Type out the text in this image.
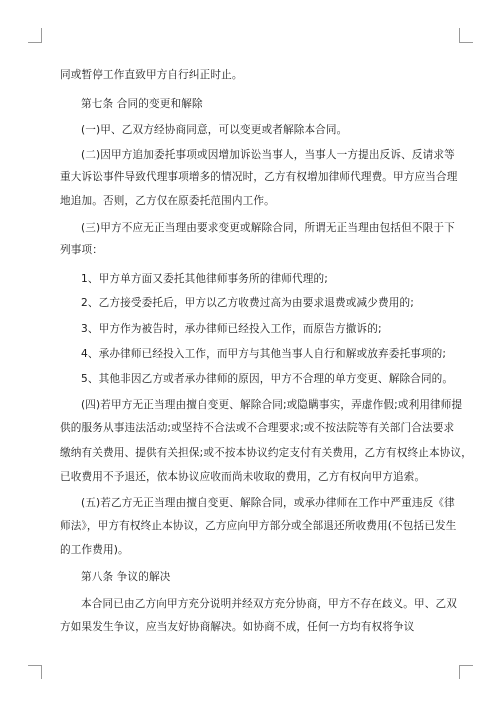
同或暂停工作直致甲方自行纠正时止。
第七条 合同的变更和解除
(一)甲、乙双方经协商同意，可以变更或者解除本合同。
(二)因甲方追加委托事项或因增加诉讼当事人，当事人一方提出反诉、反请求等
重大诉讼事件导致代理事项增多的情况时，乙方有权增加律师代理费。甲方应当合理
地追加。否则，乙方仅在原委托范围内工作。
(三)甲方不应无正当理由要求变更或解除合同，所谓无正当理由包括但不限于下
列事项：
1、甲方单方面又委托其他律师事务所的律师代理的;
2、乙方接受委托后，甲方以乙方收费过高为由要求退费或减少费用的;
3、甲方作为被告时，承办律师已经投入工作，而原告方撤诉的;
4、承办律师已经投入工作，而甲方与其他当事人自行和解或放弃委托事项的;
5、其他非因乙方或者承办律师的原因，甲方不合理的单方变更、解除合同的。
(四)若甲方无正当理由擅自变更、解除合同;或隐瞒事实，弄虚作假;或利用律师提
供的服务从事违法活动;或坚持不合法或不合理要求;或不按法院等有关部门合法要求
缴纳有关费用、提供有关担保;或不按本协议约定支付有关费用，乙方有权终止本协议，
已收费用不予退还，依本协议应收而尚未收取的费用，乙方有权向甲方追索。
(五)若乙方无正当理由擅自变更、解除合同，或承办律师在工作中严重违反《律
师法》，甲方有权终止本协议，乙方应向甲方部分或全部退还所收费用(不包括已发生
的工作费用)。
第八条 争议的解决
本合同已由乙方向甲方充分说明并经双方充分协商，甲方不存在歧义。甲、乙双
方如果发生争议，应当友好协商解决。如协商不成，任何一方均有权将争议
